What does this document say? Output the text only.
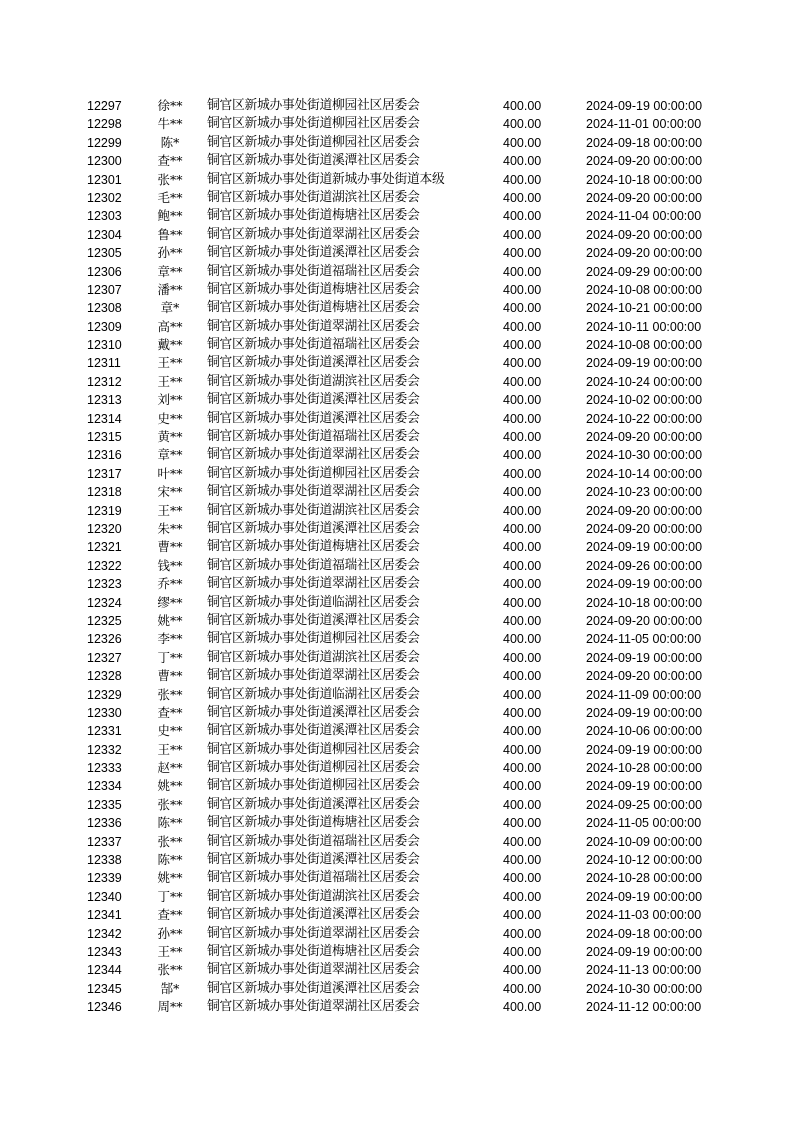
12297	徐**	铜官区新城办事处街道柳园社区居委会	400.00	2024-09-19 00:00:00
12298	牛**	铜官区新城办事处街道柳园社区居委会	400.00	2024-11-01 00:00:00
12299	陈*	铜官区新城办事处街道柳园社区居委会	400.00	2024-09-18 00:00:00
12300	查**	铜官区新城办事处街道溪潭社区居委会	400.00	2024-09-20 00:00:00
12301	张**	铜官区新城办事处街道新城办事处街道本级	400.00	2024-10-18 00:00:00
12302	毛**	铜官区新城办事处街道湖滨社区居委会	400.00	2024-09-20 00:00:00
12303	鲍**	铜官区新城办事处街道梅塘社区居委会	400.00	2024-11-04 00:00:00
12304	鲁**	铜官区新城办事处街道翠湖社区居委会	400.00	2024-09-20 00:00:00
12305	孙**	铜官区新城办事处街道溪潭社区居委会	400.00	2024-09-20 00:00:00
12306	章**	铜官区新城办事处街道福瑞社区居委会	400.00	2024-09-29 00:00:00
12307	潘**	铜官区新城办事处街道梅塘社区居委会	400.00	2024-10-08 00:00:00
12308	章*	铜官区新城办事处街道梅塘社区居委会	400.00	2024-10-21 00:00:00
12309	高**	铜官区新城办事处街道翠湖社区居委会	400.00	2024-10-11 00:00:00
12310	戴**	铜官区新城办事处街道福瑞社区居委会	400.00	2024-10-08 00:00:00
12311	王**	铜官区新城办事处街道溪潭社区居委会	400.00	2024-09-19 00:00:00
12312	王**	铜官区新城办事处街道湖滨社区居委会	400.00	2024-10-24 00:00:00
12313	刘**	铜官区新城办事处街道溪潭社区居委会	400.00	2024-10-02 00:00:00
12314	史**	铜官区新城办事处街道溪潭社区居委会	400.00	2024-10-22 00:00:00
12315	黄**	铜官区新城办事处街道福瑞社区居委会	400.00	2024-09-20 00:00:00
12316	章**	铜官区新城办事处街道翠湖社区居委会	400.00	2024-10-30 00:00:00
12317	叶**	铜官区新城办事处街道柳园社区居委会	400.00	2024-10-14 00:00:00
12318	宋**	铜官区新城办事处街道翠湖社区居委会	400.00	2024-10-23 00:00:00
12319	王**	铜官区新城办事处街道湖滨社区居委会	400.00	2024-09-20 00:00:00
12320	朱**	铜官区新城办事处街道溪潭社区居委会	400.00	2024-09-20 00:00:00
12321	曹**	铜官区新城办事处街道梅塘社区居委会	400.00	2024-09-19 00:00:00
12322	钱**	铜官区新城办事处街道福瑞社区居委会	400.00	2024-09-26 00:00:00
12323	乔**	铜官区新城办事处街道翠湖社区居委会	400.00	2024-09-19 00:00:00
12324	缪**	铜官区新城办事处街道临湖社区居委会	400.00	2024-10-18 00:00:00
12325	姚**	铜官区新城办事处街道溪潭社区居委会	400.00	2024-09-20 00:00:00
12326	李**	铜官区新城办事处街道柳园社区居委会	400.00	2024-11-05 00:00:00
12327	丁**	铜官区新城办事处街道湖滨社区居委会	400.00	2024-09-19 00:00:00
12328	曹**	铜官区新城办事处街道翠湖社区居委会	400.00	2024-09-20 00:00:00
12329	张**	铜官区新城办事处街道临湖社区居委会	400.00	2024-11-09 00:00:00
12330	查**	铜官区新城办事处街道溪潭社区居委会	400.00	2024-09-19 00:00:00
12331	史**	铜官区新城办事处街道溪潭社区居委会	400.00	2024-10-06 00:00:00
12332	王**	铜官区新城办事处街道柳园社区居委会	400.00	2024-09-19 00:00:00
12333	赵**	铜官区新城办事处街道柳园社区居委会	400.00	2024-10-28 00:00:00
12334	姚**	铜官区新城办事处街道柳园社区居委会	400.00	2024-09-19 00:00:00
12335	张**	铜官区新城办事处街道溪潭社区居委会	400.00	2024-09-25 00:00:00
12336	陈**	铜官区新城办事处街道梅塘社区居委会	400.00	2024-11-05 00:00:00
12337	张**	铜官区新城办事处街道福瑞社区居委会	400.00	2024-10-09 00:00:00
12338	陈**	铜官区新城办事处街道溪潭社区居委会	400.00	2024-10-12 00:00:00
12339	姚**	铜官区新城办事处街道福瑞社区居委会	400.00	2024-10-28 00:00:00
12340	丁**	铜官区新城办事处街道湖滨社区居委会	400.00	2024-09-19 00:00:00
12341	查**	铜官区新城办事处街道溪潭社区居委会	400.00	2024-11-03 00:00:00
12342	孙**	铜官区新城办事处街道翠湖社区居委会	400.00	2024-09-18 00:00:00
12343	王**	铜官区新城办事处街道梅塘社区居委会	400.00	2024-09-19 00:00:00
12344	张**	铜官区新城办事处街道翠湖社区居委会	400.00	2024-11-13 00:00:00
12345	郜*	铜官区新城办事处街道溪潭社区居委会	400.00	2024-10-30 00:00:00
12346	周**	铜官区新城办事处街道翠湖社区居委会	400.00	2024-11-12 00:00:00
